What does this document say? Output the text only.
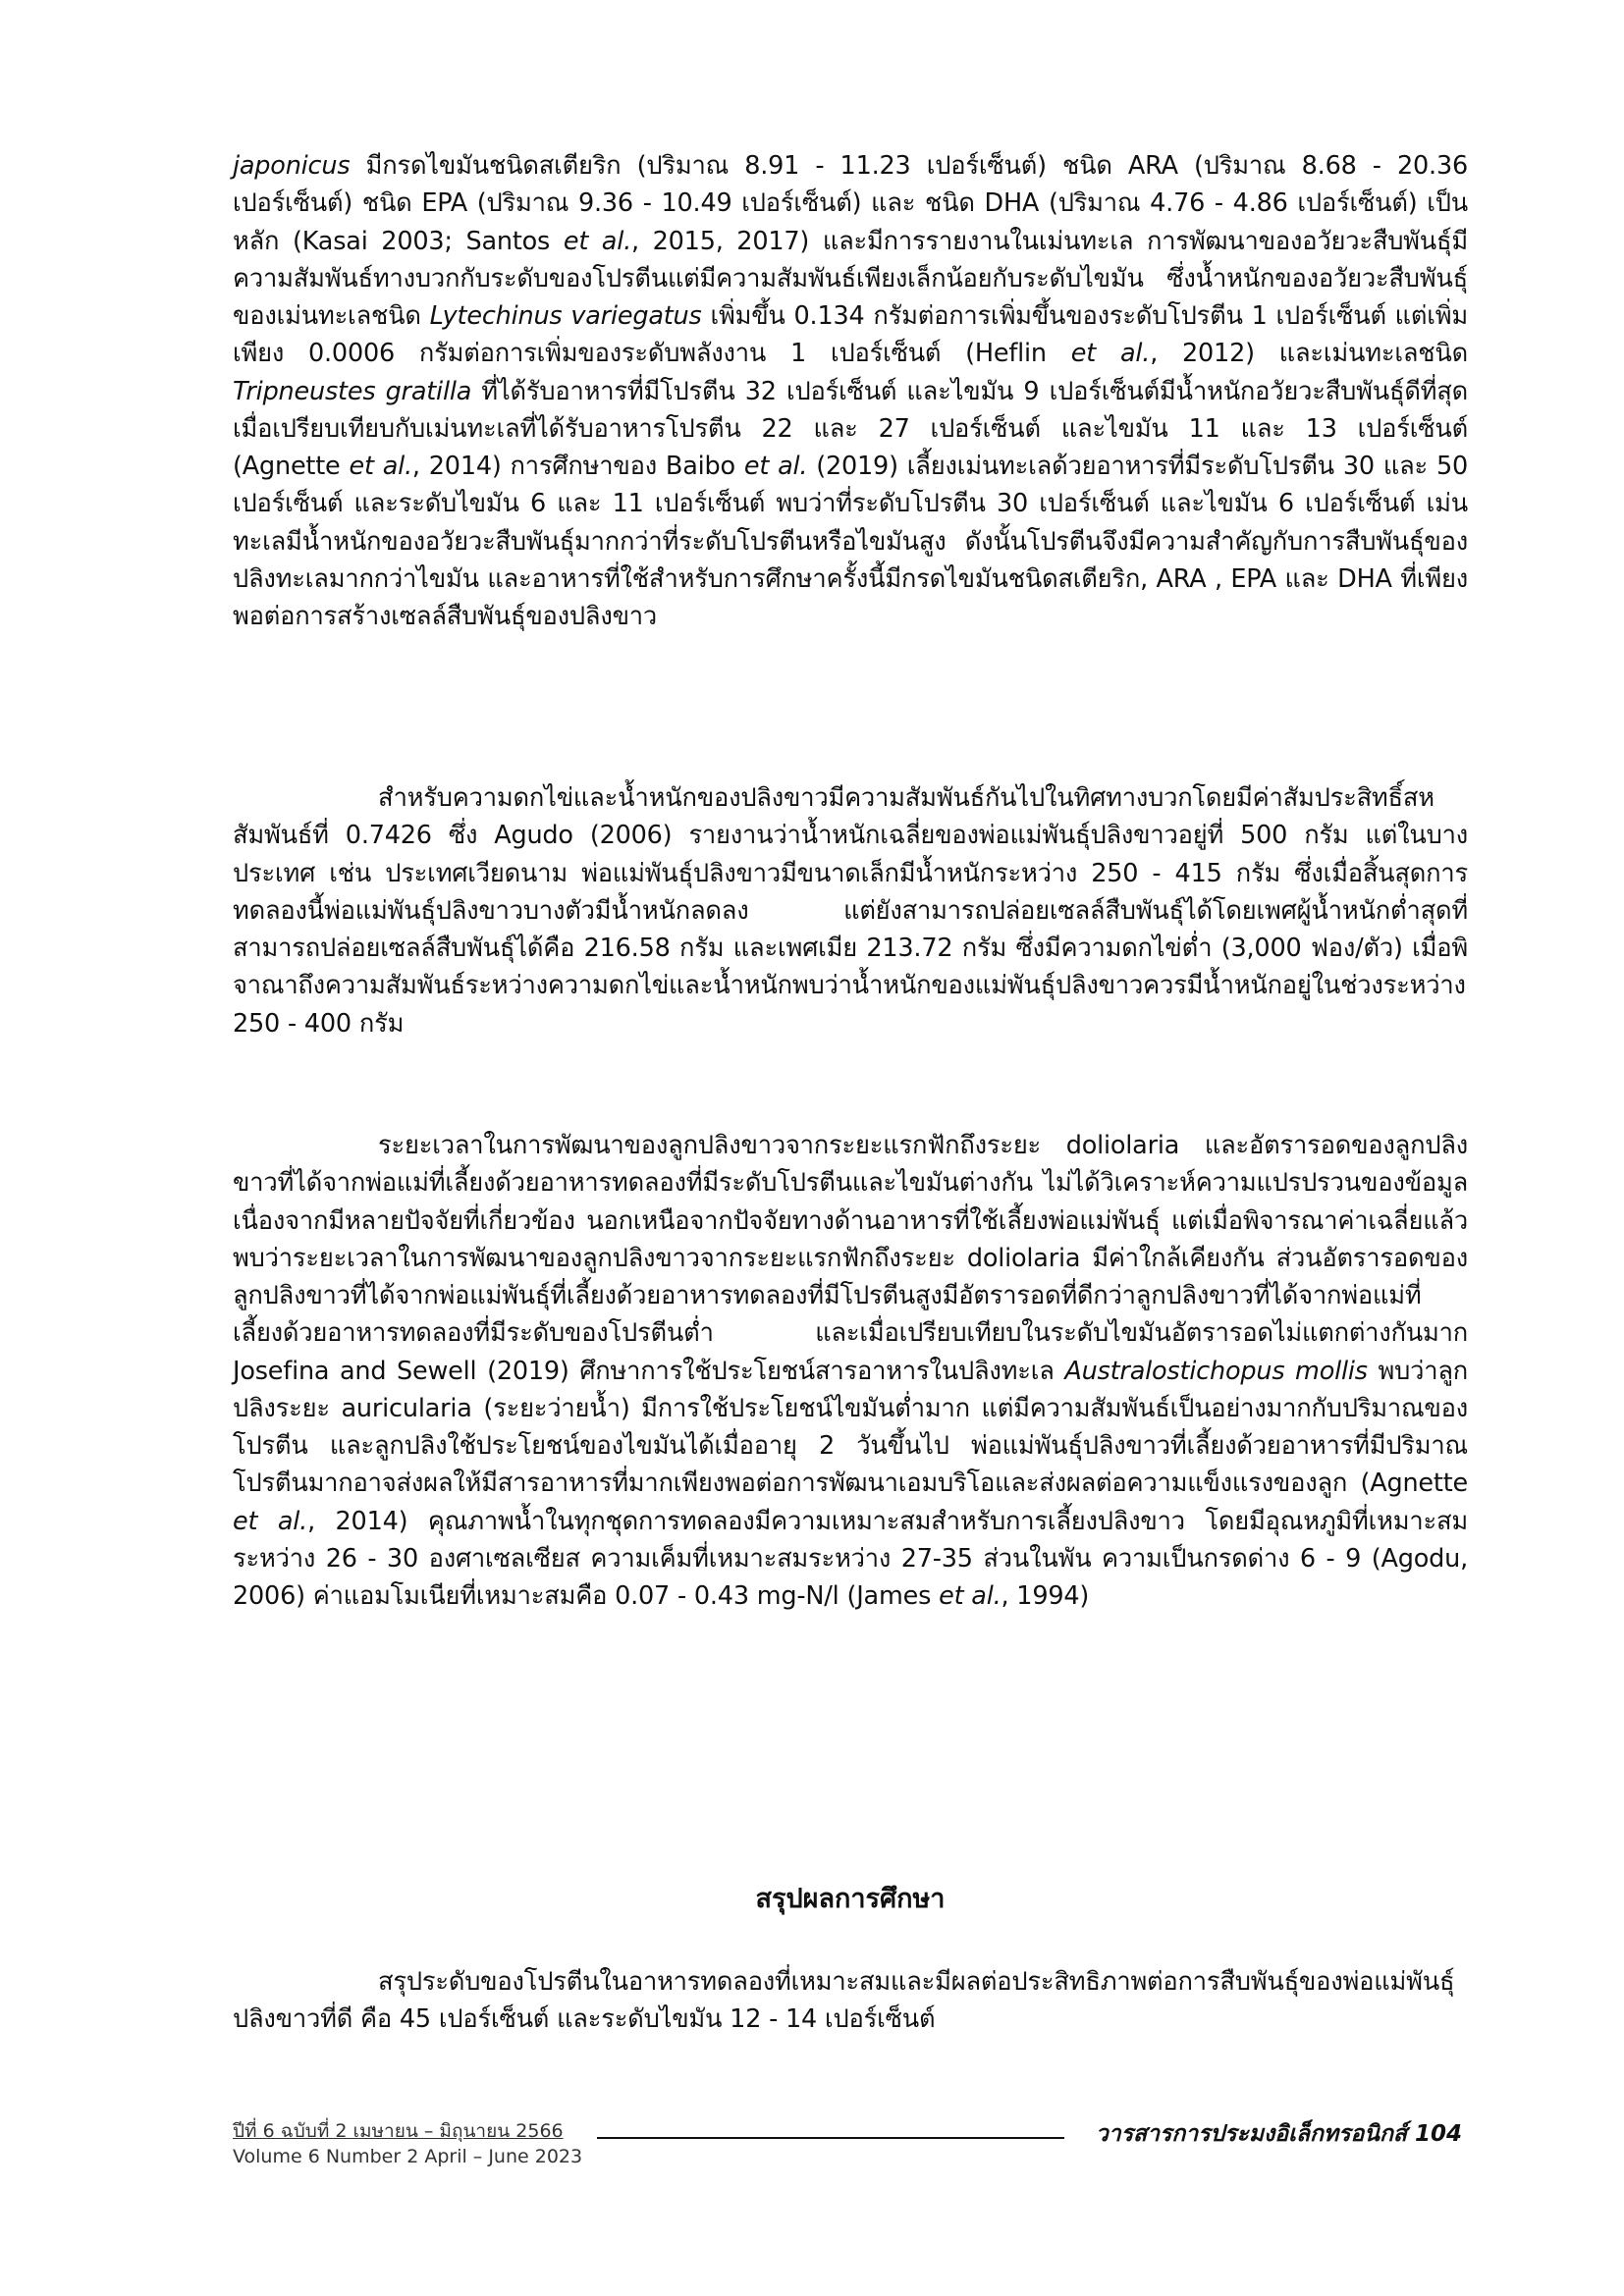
japonicus มีกรดไขมันชนิดสเตียริก (ปริมาณ 8.91 - 11.23 เปอร์เซ็นต์) ชนิด ARA (ปริมาณ 8.68 - 20.36 เปอร์เซ็นต์) ชนิด EPA (ปริมาณ 9.36 - 10.49 เปอร์เซ็นต์) และ ชนิด DHA (ปริมาณ 4.76 - 4.86 เปอร์เซ็นต์) เป็นหลัก (Kasai 2003; Santos et al., 2015, 2017) และมีการรายงานในเม่นทะเล การพัฒนาของอวัยวะสืบพันธุ์มีความสัมพันธ์ทางบวกกับระดับของโปรตีนแต่มีความสัมพันธ์เพียงเล็กน้อยกับระดับไขมัน ซึ่งน้ำหนักของอวัยวะสืบพันธุ์ของเม่นทะเลชนิด Lytechinus variegatus เพิ่มขึ้น 0.134 กรัมต่อการเพิ่มขึ้นของระดับโปรตีน 1 เปอร์เซ็นต์ แต่เพิ่มเพียง 0.0006 กรัมต่อการเพิ่มของระดับพลังงาน 1 เปอร์เซ็นต์ (Heflin et al., 2012) และเม่นทะเลชนิด Tripneustes gratilla ที่ได้รับอาหารที่มีโปรตีน 32 เปอร์เซ็นต์ และไขมัน 9 เปอร์เซ็นต์มีน้ำหนักอวัยวะสืบพันธุ์ดีที่สุดเมื่อเปรียบเทียบกับเม่นทะเลที่ได้รับอาหารโปรตีน 22 และ 27 เปอร์เซ็นต์ และไขมัน 11 และ 13 เปอร์เซ็นต์ (Agnette et al., 2014) การศึกษาของ Baibo et al. (2019) เลี้ยงเม่นทะเลด้วยอาหารที่มีระดับโปรตีน 30 และ 50 เปอร์เซ็นต์ และระดับไขมัน 6 และ 11 เปอร์เซ็นต์ พบว่าที่ระดับโปรตีน 30 เปอร์เซ็นต์ และไขมัน 6 เปอร์เซ็นต์ เม่นทะเลมีน้ำหนักของอวัยวะสืบพันธุ์มากกว่าที่ระดับโปรตีนหรือไขมันสูง ดังนั้นโปรตีนจึงมีความสำคัญกับการสืบพันธุ์ของปลิงทะเลมากกว่าไขมัน และอาหารที่ใช้สำหรับการศึกษาครั้งนี้มีกรดไขมันชนิดสเตียริก, ARA , EPA และ DHA ที่เพียงพอต่อการสร้างเซลล์สืบพันธุ์ของปลิงขาว

สำหรับความดกไข่และน้ำหนักของปลิงขาวมีความสัมพันธ์กันไปในทิศทางบวกโดยมีค่าสัมประสิทธิ์สหสัมพันธ์ที่ 0.7426 ซึ่ง Agudo (2006) รายงานว่าน้ำหนักเฉลี่ยของพ่อแม่พันธุ์ปลิงขาวอยู่ที่ 500 กรัม แต่ในบางประเทศ เช่น ประเทศเวียดนาม พ่อแม่พันธุ์ปลิงขาวมีขนาดเล็กมีน้ำหนักระหว่าง 250 - 415 กรัม ซึ่งเมื่อสิ้นสุดการทดลองนี้พ่อแม่พันธุ์ปลิงขาวบางตัวมีน้ำหนักลดลง แต่ยังสามารถปล่อยเซลล์สืบพันธุ์ได้โดยเพศผู้น้ำหนักต่ำสุดที่สามารถปล่อยเซลล์สืบพันธุ์ได้คือ 216.58 กรัม และเพศเมีย 213.72 กรัม ซึ่งมีความดกไข่ต่ำ (3,000 ฟอง/ตัว) เมื่อพิจาณาถึงความสัมพันธ์ระหว่างความดกไข่และน้ำหนักพบว่าน้ำหนักของแม่พันธุ์ปลิงขาวควรมีน้ำหนักอยู่ในช่วงระหว่าง 250 - 400 กรัม

ระยะเวลาในการพัฒนาของลูกปลิงขาวจากระยะแรกฟักถึงระยะ doliolaria และอัตรารอดของลูกปลิงขาวที่ได้จากพ่อแม่ที่เลี้ยงด้วยอาหารทดลองที่มีระดับโปรตีนและไขมันต่างกัน ไม่ได้วิเคราะห์ความแปรปรวนของข้อมูลเนื่องจากมีหลายปัจจัยที่เกี่ยวข้อง นอกเหนือจากปัจจัยทางด้านอาหารที่ใช้เลี้ยงพ่อแม่พันธุ์ แต่เมื่อพิจารณาค่าเฉลี่ยแล้วพบว่าระยะเวลาในการพัฒนาของลูกปลิงขาวจากระยะแรกฟักถึงระยะ doliolaria มีค่าใกล้เคียงกัน ส่วนอัตรารอดของลูกปลิงขาวที่ได้จากพ่อแม่พันธุ์ที่เลี้ยงด้วยอาหารทดลองที่มีโปรตีนสูงมีอัตรารอดที่ดีกว่าลูกปลิงขาวที่ได้จากพ่อแม่ที่เลี้ยงด้วยอาหารทดลองที่มีระดับของโปรตีนต่ำ และเมื่อเปรียบเทียบในระดับไขมันอัตรารอดไม่แตกต่างกันมาก Josefina and Sewell (2019) ศึกษาการใช้ประโยชน์สารอาหารในปลิงทะเล Australostichopus mollis พบว่าลูกปลิงระยะ auricularia (ระยะว่ายน้ำ) มีการใช้ประโยชน์ไขมันต่ำมาก แต่มีความสัมพันธ์เป็นอย่างมากกับปริมาณของโปรตีน และลูกปลิงใช้ประโยชน์ของไขมันได้เมื่ออายุ 2 วันขึ้นไป พ่อแม่พันธุ์ปลิงขาวที่เลี้ยงด้วยอาหารที่มีปริมาณโปรตีนมากอาจส่งผลให้มีสารอาหารที่มากเพียงพอต่อการพัฒนาเอมบริโอและส่งผลต่อความแข็งแรงของลูก (Agnette et al., 2014) คุณภาพน้ำในทุกชุดการทดลองมีความเหมาะสมสำหรับการเลี้ยงปลิงขาว โดยมีอุณหภูมิที่เหมาะสมระหว่าง 26 - 30 องศาเซลเซียส ความเค็มที่เหมาะสมระหว่าง 27-35 ส่วนในพัน ความเป็นกรดด่าง 6 - 9 (Agodu, 2006) ค่าแอมโมเนียที่เหมาะสมคือ 0.07 - 0.43 mg-N/l (James et al., 1994)

สรุปผลการศึกษา

สรุประดับของโปรตีนในอาหารทดลองที่เหมาะสมและมีผลต่อประสิทธิภาพต่อการสืบพันธุ์ของพ่อแม่พันธุ์ปลิงขาวที่ดี คือ 45 เปอร์เซ็นต์ และระดับไขมัน 12 - 14 เปอร์เซ็นต์

ปีที่ 6 ฉบับที่ 2 เมษายน – มิถุนายน 2566
Volume 6 Number 2 April – June 2023
วารสารการประมงอิเล็กทรอนิกส์ 104
